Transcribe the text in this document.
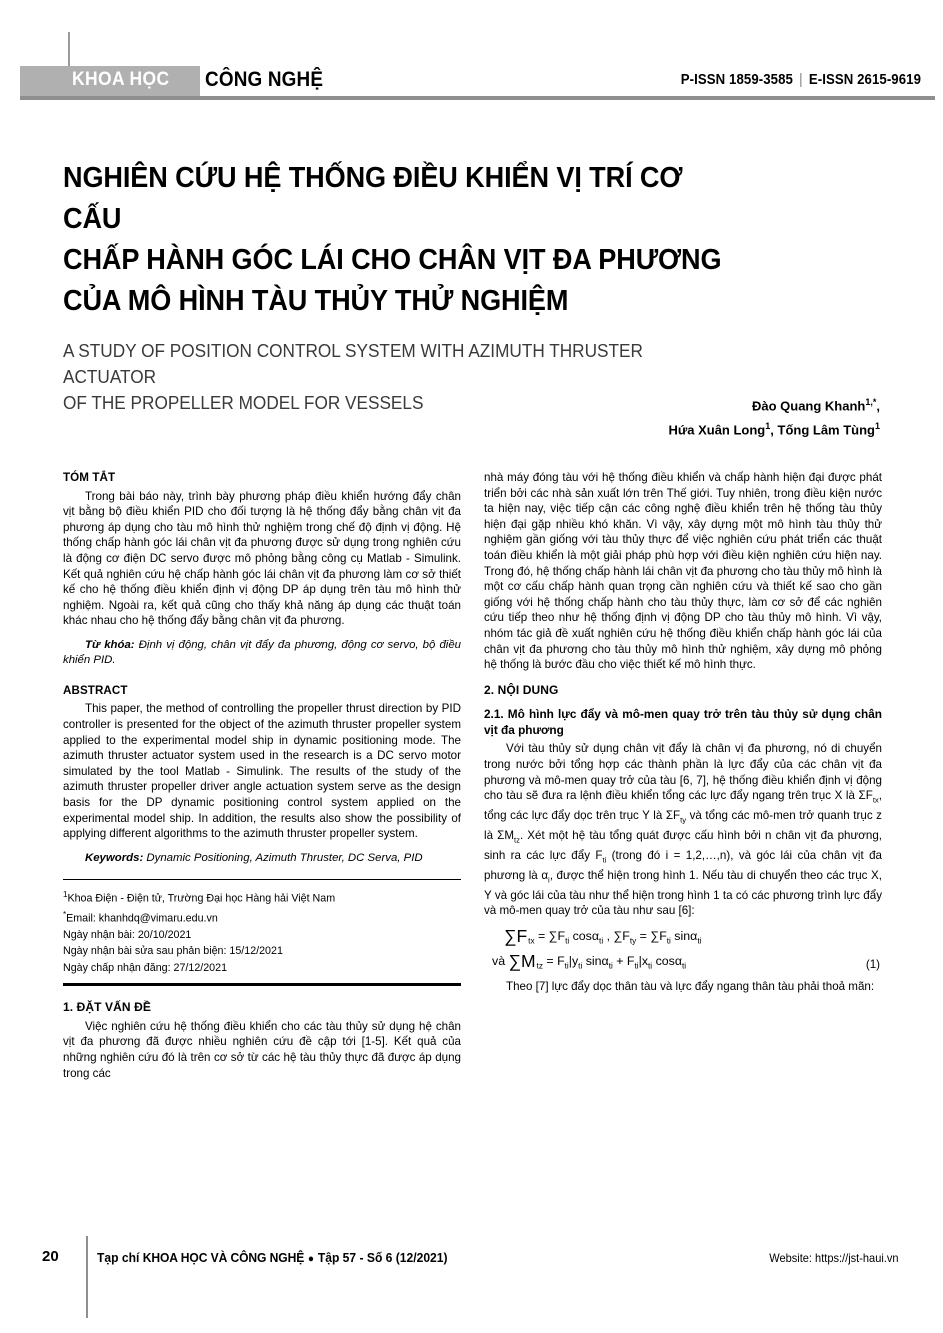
KHOA HỌC CÔNG NGHỆ	P-ISSN 1859-3585 | E-ISSN 2615-9619
NGHIÊN CỨU HỆ THỐNG ĐIỀU KHIỂN VỊ TRÍ CƠ CẤU
CHẤP HÀNH GÓC LÁI CHO CHÂN VỊT ĐA PHƯƠNG
CỦA MÔ HÌNH TÀU THỦY THỬ NGHIỆM
A STUDY OF POSITION CONTROL SYSTEM WITH AZIMUTH THRUSTER ACTUATOR
OF THE PROPELLER MODEL FOR VESSELS	Đào Quang Khanh$^{1,*}$,
Hứa Xuân Long$^1$, Tống Lâm Tùng$^1$
TÓM TẮT

Trong bài báo này, trình bày phương pháp điều khiển hướng đẩy chân vịt bằng bộ điều khiển PID cho đối tượng là hệ thống đẩy bằng chân vịt đa phương áp dụng cho tàu mô hình thử nghiệm trong chế độ định vị động. Hệ thống chấp hành góc lái chân vịt đa phương được sử dụng trong nghiên cứu là động cơ điện DC servo được mô phỏng bằng công cụ Matlab - Simulink. Kết quả nghiên cứu hệ chấp hành góc lái chân vịt đa phương làm cơ sở thiết kế cho hệ thống điều khiển định vị động DP áp dụng trên tàu mô hình thử nghiệm. Ngoài ra, kết quả cũng cho thấy khả năng áp dụng các thuật toán khác nhau cho hệ thống đẩy bằng chân vịt đa phương.

Từ khóa: Định vị động, chân vịt đẩy đa phương, động cơ servo, bộ điều khiển PID.
ABSTRACT

This paper, the method of controlling the propeller thrust direction by PID controller is presented for the object of the azimuth thruster propeller system applied to the experimental model ship in dynamic positioning mode. The azimuth thruster actuator system used in the research is a DC servo motor simulated by the tool Matlab - Simulink. The results of the study of the azimuth thruster propeller driver angle actuation system serve as the design basis for the DP dynamic positioning control system applied on the experimental model ship. In addition, the results also show the possibility of applying different algorithms to the azimuth thruster propeller system.

Keywords: Dynamic Positioning, Azimuth Thruster, DC Serva, PID
$^1$Khoa Điện - Điện tử, Trường Đại học Hàng hải Việt Nam
*Email: khanhdq@vimaru.edu.vn
Ngày nhận bài: 20/10/2021
Ngày nhận bài sửa sau phản biện: 15/12/2021
Ngày chấp nhận đăng: 27/12/2021
1. ĐẶT VẤN ĐỀ

Việc nghiên cứu hệ thống điều khiển cho các tàu thủy sử dụng hệ chân vịt đa phương đã được nhiều nghiên cứu đề cập tới [1-5]. Kết quả của những nghiên cứu đó là trên cơ sở từ các hệ tàu thủy thực đã được áp dụng trong các

nhà máy đóng tàu với hệ thống điều khiển và chấp hành hiện đại được phát triển bởi các nhà sản xuất lớn trên Thế giới. Tuy nhiên, trong điều kiện nước ta hiện nay, việc tiếp cận các công nghệ điều khiển trên hệ thống tàu thủy hiện đại gặp nhiều khó khăn. Vì vậy, xây dựng một mô hình tàu thủy thử nghiệm gần giống với tàu thủy thực để việc nghiên cứu phát triển các thuật toán điều khiển là một giải pháp phù hợp với điều kiện nghiên cứu hiện nay. Trong đó, hệ thống chấp hành lái chân vịt đa phương cho tàu thủy mô hình là một cơ cấu chấp hành quan trọng cần nghiên cứu và thiết kế sao cho gần giống với hệ thống chấp hành cho tàu thủy thực, làm cơ sở để các nghiên cứu tiếp theo như hệ thống định vị động DP cho tàu thủy mô hình. Vì vậy, nhóm tác giả đề xuất nghiên cứu hệ thống điều khiển chấp hành góc lái của chân vịt đa phương cho tàu thủy mô hình thử nghiệm, xây dựng mô phỏng hệ thống là bước đầu cho việc thiết kế mô hình thực.

2. NỘI DUNG
2.1. Mô hình lực đẩy và mô-men quay trở trên tàu thủy sử dụng chân vịt đa phương

Với tàu thủy sử dụng chân vịt đẩy là chân vị đa phương, nó di chuyển trong nước bởi tổng hợp các thành phần là lực đẩy của các chân vịt đa phương và mô-men quay trở của tàu [6, 7], hệ thống điều khiển định vị động cho tàu sẽ đưa ra lệnh điều khiển tổng các lực đẩy ngang trên trục X là $\Sigma F_{tx}$, tổng các lực đẩy dọc trên trục Y là $\Sigma F_{ty}$ và tổng các mô-men trở quanh trục z là $\Sigma M_{tz}$. Xét một hệ tàu tổng quát được cấu hình bởi n chân vịt đa phương, sinh ra các lực đẩy $F_{ti}$ (trong đó i = 1,2,…,n), và góc lái của chân vịt đa phương là $\alpha_i$, được thể hiện trong hình 1. Nếu tàu di chuyển theo các trục X, Y và góc lái của tàu như thể hiện trong hình 1 ta có các phương trình lực đẩy và mô-men quay trở của tàu như sau [6]:

$\sum F_{tx} = \sum F_{ti}$ cosα$_{ti}$ , $\sum F_{ty} = \sum F_{ti}$ sinα$_{ti}$
và $\sum M_{tz} = F_{ti}|y_{ti}$ $\sin\alpha_{ti} + F_{ti}|x_{ti}$ cosα$_{ti}$	(1)

Theo [7] lực đẩy dọc thân tàu và lực đẩy ngang thân tàu phải thoả mãn:

20	Tạp chí KHOA HỌC VÀ CÔNG NGHỆ ● Tập 57 - Số 6 (12/2021)	Website: https://jst-haui.vn
